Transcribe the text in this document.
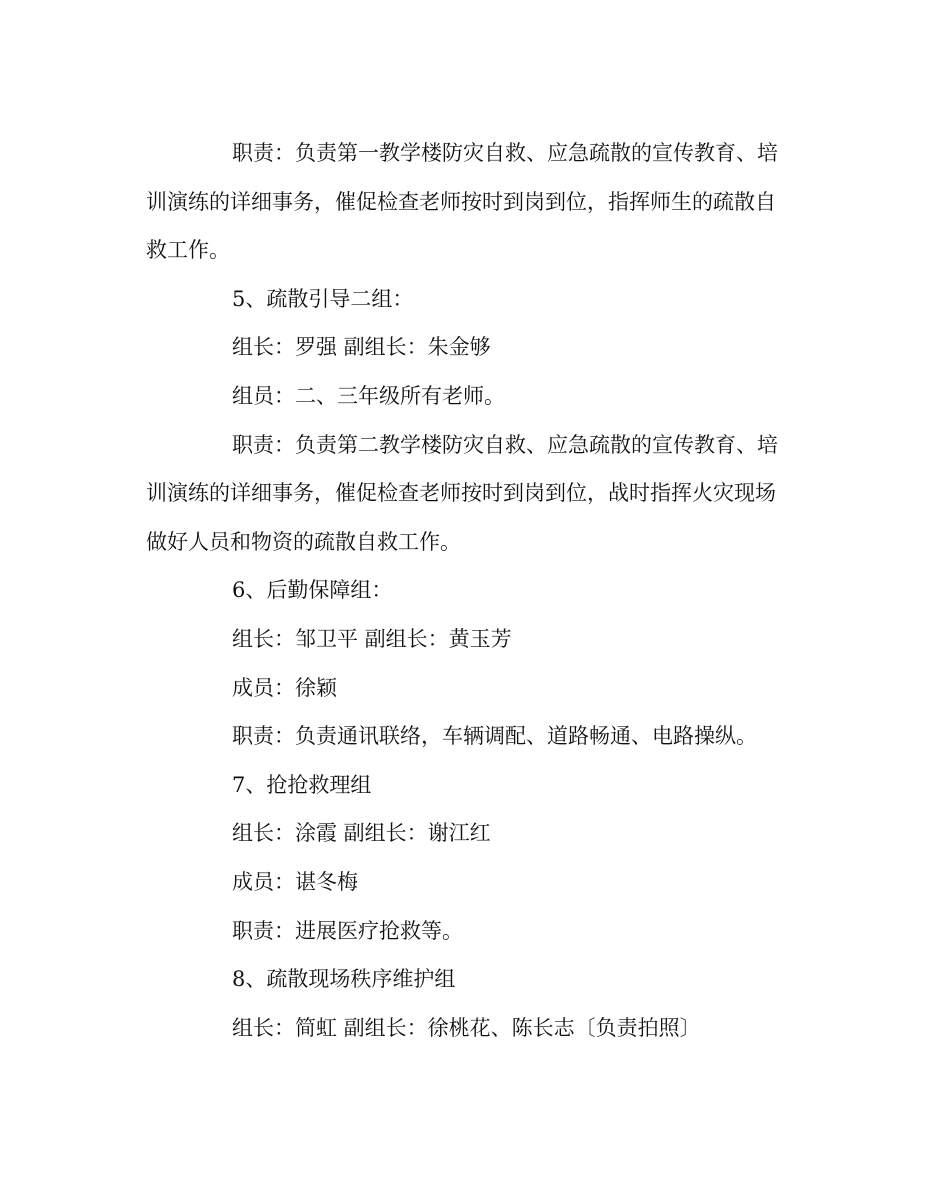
职责：负责第一教学楼防灾自救、应急疏散的宣传教育、培
训演练的详细事务，催促检查老师按时到岗到位，指挥师生的疏散自
救工作。
5、疏散引导二组：
组长：罗强 副组长：朱金够
组员：二、三年级所有老师。
职责：负责第二教学楼防灾自救、应急疏散的宣传教育、培
训演练的详细事务，催促检查老师按时到岗到位，战时指挥火灾现场
做好人员和物资的疏散自救工作。
6、后勤保障组：
组长：邹卫平 副组长：黄玉芳
成员：徐颖
职责：负责通讯联络，车辆调配、道路畅通、电路操纵。
7、抢抢救理组
组长：涂霞 副组长：谢江红
成员：谌冬梅
职责：进展医疗抢救等。
8、疏散现场秩序维护组
组长：简虹 副组长：徐桃花、陈长志〔负责拍照〕
